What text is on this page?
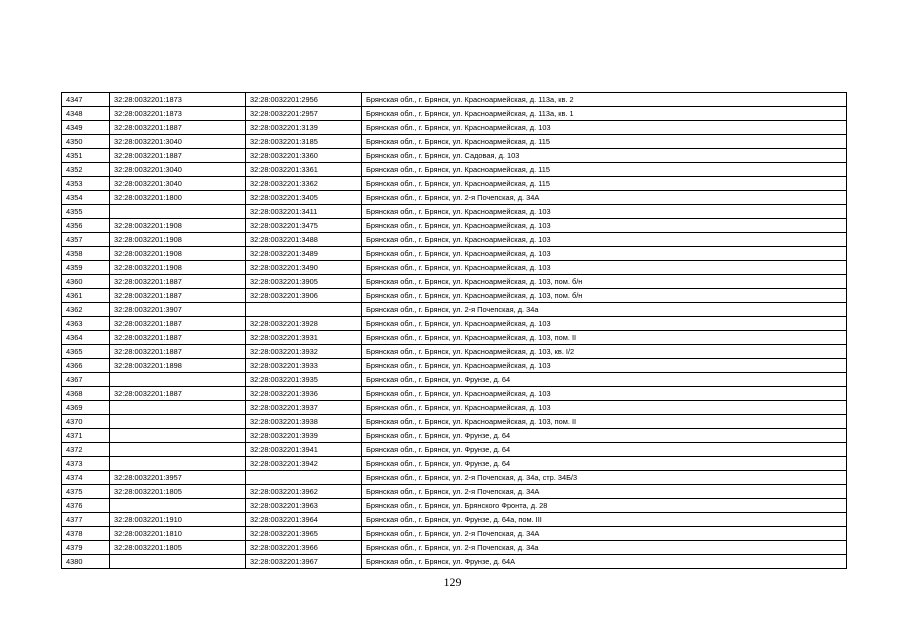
4347	32:28:0032201:1873	32:28:0032201:2956	Брянская обл., г. Брянск, ул. Красноармейская, д. 113а, кв. 2
4348	32:28:0032201:1873	32:28:0032201:2957	Брянская обл., г. Брянск, ул. Красноармейская, д. 113а, кв. 1
4349	32:28:0032201:1887	32:28:0032201:3139	Брянская обл., г. Брянск, ул. Красноармейская, д. 103
4350	32:28:0032201:3040	32:28:0032201:3185	Брянская обл., г. Брянск, ул. Красноармейская, д. 115
4351	32:28:0032201:1887	32:28:0032201:3360	Брянская обл., г. Брянск, ул. Садовая, д. 103
4352	32:28:0032201:3040	32:28:0032201:3361	Брянская обл., г. Брянск, ул. Красноармейская, д. 115
4353	32:28:0032201:3040	32:28:0032201:3362	Брянская обл., г. Брянск, ул. Красноармейская, д. 115
4354	32:28:0032201:1800	32:28:0032201:3405	Брянская обл., г. Брянск, ул. 2-я Почепская, д. 34А
4355		32:28:0032201:3411	Брянская обл., г. Брянск, ул. Красноармейская, д. 103
4356	32:28:0032201:1908	32:28:0032201:3475	Брянская обл., г. Брянск, ул. Красноармейская, д. 103
4357	32:28:0032201:1908	32:28:0032201:3488	Брянская обл., г. Брянск, ул. Красноармейская, д. 103
4358	32:28:0032201:1908	32:28:0032201:3489	Брянская обл., г. Брянск, ул. Красноармейская, д. 103
4359	32:28:0032201:1908	32:28:0032201:3490	Брянская обл., г. Брянск, ул. Красноармейская, д. 103
4360	32:28:0032201:1887	32:28:0032201:3905	Брянская обл., г. Брянск, ул. Красноармейская, д. 103, пом. б/н
4361	32:28:0032201:1887	32:28:0032201:3906	Брянская обл., г. Брянск, ул. Красноармейская, д. 103, пом. б/н
4362	32:28:0032201:3907		Брянская обл., г. Брянск, ул. 2-я Почепская, д. 34а
4363	32:28:0032201:1887	32:28:0032201:3928	Брянская обл., г. Брянск, ул. Красноармейская, д. 103
4364	32:28:0032201:1887	32:28:0032201:3931	Брянская обл., г. Брянск, ул. Красноармейская, д. 103, пом. II
4365	32:28:0032201:1887	32:28:0032201:3932	Брянская обл., г. Брянск, ул. Красноармейская, д. 103, кв. I/2
4366	32:28:0032201:1898	32:28:0032201:3933	Брянская обл., г. Брянск, ул. Красноармейская, д. 103
4367		32:28:0032201:3935	Брянская обл., г. Брянск, ул. Фрунзе, д. 64
4368	32:28:0032201:1887	32:28:0032201:3936	Брянская обл., г. Брянск, ул. Красноармейская, д. 103
4369		32:28:0032201:3937	Брянская обл., г. Брянск, ул. Красноармейская, д. 103
4370		32:28:0032201:3938	Брянская обл., г. Брянск, ул. Красноармейская, д. 103, пом. II
4371		32:28:0032201:3939	Брянская обл., г. Брянск, ул. Фрунзе, д. 64
4372		32:28:0032201:3941	Брянская обл., г. Брянск, ул. Фрунзе, д. 64
4373		32:28:0032201:3942	Брянская обл., г. Брянск, ул. Фрунзе, д. 64
4374	32:28:0032201:3957		Брянская обл., г. Брянск, ул. 2-я Почепская, д. 34а, стр. 34Б/3
4375	32:28:0032201:1805	32:28:0032201:3962	Брянская обл., г. Брянск, ул. 2-я Почепская, д. 34А
4376		32:28:0032201:3963	Брянская обл., г. Брянск, ул. Брянского Фронта, д. 28
4377	32:28:0032201:1910	32:28:0032201:3964	Брянская обл., г. Брянск, ул. Фрунзе, д. 64а, пом. III
4378	32:28:0032201:1810	32:28:0032201:3965	Брянская обл., г. Брянск, ул. 2-я Почепская, д. 34А
4379	32:28:0032201:1805	32:28:0032201:3966	Брянская обл., г. Брянск, ул. 2-я Почепская, д. 34а
4380		32:28:0032201:3967	Брянская обл., г. Брянск, ул. Фрунзе, д. 64А
129
